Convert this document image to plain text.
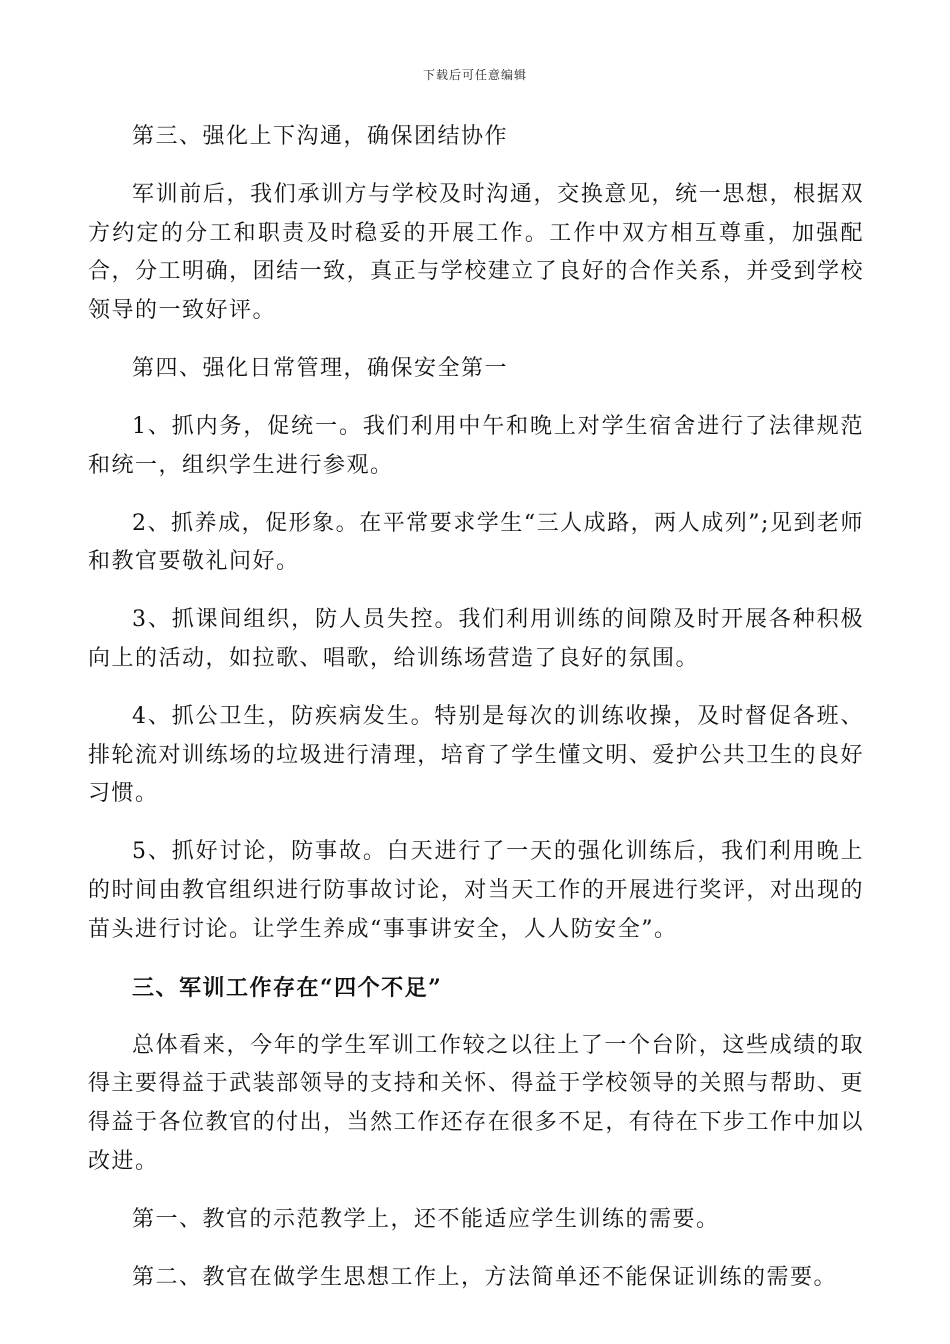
下载后可任意编辑

第三、强化上下沟通，确保团结协作

军训前后，我们承训方与学校及时沟通，交换意见，统一思想，根据双方约定的分工和职责及时稳妥的开展工作。工作中双方相互尊重，加强配合，分工明确，团结一致，真正与学校建立了良好的合作关系，并受到学校领导的一致好评。

第四、强化日常管理，确保安全第一

1、抓内务，促统一。我们利用中午和晚上对学生宿舍进行了法律规范和统一，组织学生进行参观。

2、抓养成，促形象。在平常要求学生“三人成路，两人成列”;见到老师和教官要敬礼问好。

3、抓课间组织，防人员失控。我们利用训练的间隙及时开展各种积极向上的活动，如拉歌、唱歌，给训练场营造了良好的氛围。

4、抓公卫生，防疾病发生。特别是每次的训练收操，及时督促各班、排轮流对训练场的垃圾进行清理，培育了学生懂文明、爱护公共卫生的良好习惯。

5、抓好讨论，防事故。白天进行了一天的强化训练后，我们利用晚上的时间由教官组织进行防事故讨论，对当天工作的开展进行奖评，对出现的苗头进行讨论。让学生养成“事事讲安全，人人防安全”。

三、军训工作存在“四个不足”

总体看来，今年的学生军训工作较之以往上了一个台阶，这些成绩的取得主要得益于武装部领导的支持和关怀、得益于学校领导的关照与帮助、更得益于各位教官的付出，当然工作还存在很多不足，有待在下步工作中加以改进。

第一、教官的示范教学上，还不能适应学生训练的需要。

第二、教官在做学生思想工作上，方法简单还不能保证训练的需要。
